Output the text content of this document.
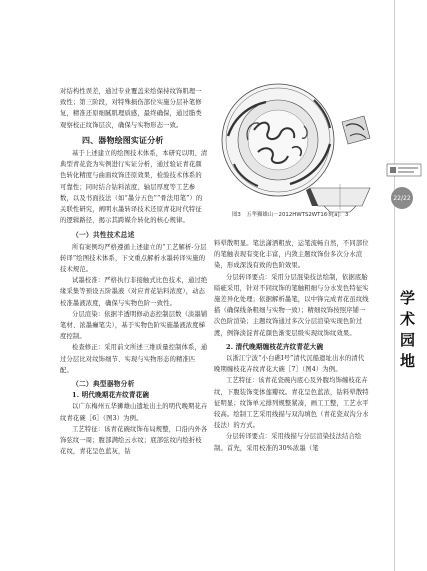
对结构性误差，通过专业覆盖来绘保持纹饰肌理一致性；第三阶段，对特殊损伤部位实施分层补笔修复，精准还原细腻肌理质感，最终确保，通过脂类观察校正纹饰层次，确保与实物形态一致。

四、器物绘图实证分析

基于上述建立的绘图技术体系，本研究以明、清典型青花瓷为实例进行实证分析，通过验证青花颜色转化精度与曲面纹饰还原效果，检验技术体系的可靠性；同时结合钴料浓度、轴层厚度等工艺参数，以及书面技法（如“墨分五色”“骨法用笔”）的关联性研究，阐明水墨转译技术还原青花时代特征的逻辑路径，揭示其跨媒介转化的核心规律。

（一）共性技术总述

所有案例均严格遵循上述建立的“工艺解析-分层转译”绘图技术体系，下文重点解析水墨转译实施的技术规范。

试墨校准：严格执行非接触式比色技术，通过绝缘采集等预设五阶墨液（对应青花钴料浓度），动态校准墨液浓度，确保与实物色阶一致性。

分层渲染：依据半透明修动态控制层数（淡墨铺笔材、浓墨癫笔尖），基于实物色阶实施墨液浓度梯度控制。

检查修正：采用前文所述三维质量控制体系，通过分层比对纹饰细节、实现与实物形态的精准匹配。

（二）典型器物分析
1. 明代晚期花卉纹青花碗

以广东梅州五华狮雄山遗址出土的明代晚期花卉纹青花碗［6］（图3）为例。

工艺特征：该青花碗纹饰布局规整，口沿内外各饰弦纹一周；腹部满绘云水纹；底部弦纹内绘折枝花纹，青花呈色蓝灰，钴

图3　五华狮雄山－2012HWTS2WT16⑤[a]：3

料晕散明显。笔法潇洒粗放，运笔流畅自然，不同部位的笔触表现有变化丰富，内敛主题纹饰份多次分水渲染，形成深浅有致的色阶效果。

分层转译要点：采用分层混染技法绘制，依据底胎暗疵采用，针对不同纹饰的笔触粗细与分水发色特征实施差异化处理；依据解析墨笔，以中锋完成青花虽纹线描（确保线条粗细与实物一致）；精细纹饰按照序铺一次色阶渲染；主题纹饰通过多次分层渲染实现色阶过渡，例锋淡淀青花颜色渐变层级实现纹饰纹效果。

2. 清代晚期缠枝花卉纹青花大碗

以浙江宁波“小白礁Ⅰ号”清代沉船遗址出水的清代晚期缠枝花卉纹青花大碗［7］（图4）为例。

工艺特征：该青花瓷碗内底心及外腹均饰缠枝花卉纹，下腹装饰变体莲瓣纹。青花呈色蓝浓，钴料晕散特征明显；纹饰单元排列规整紧凑，画工工整，工艺水平较高。绘制工艺采用线描与双沟填色（青花瓷双沟分水技法）的方式。

分层转译要点：采用线描与分层渲染技法结合绘制。首先，采用校准的30%浓墨（笔

22/22
学术园地
